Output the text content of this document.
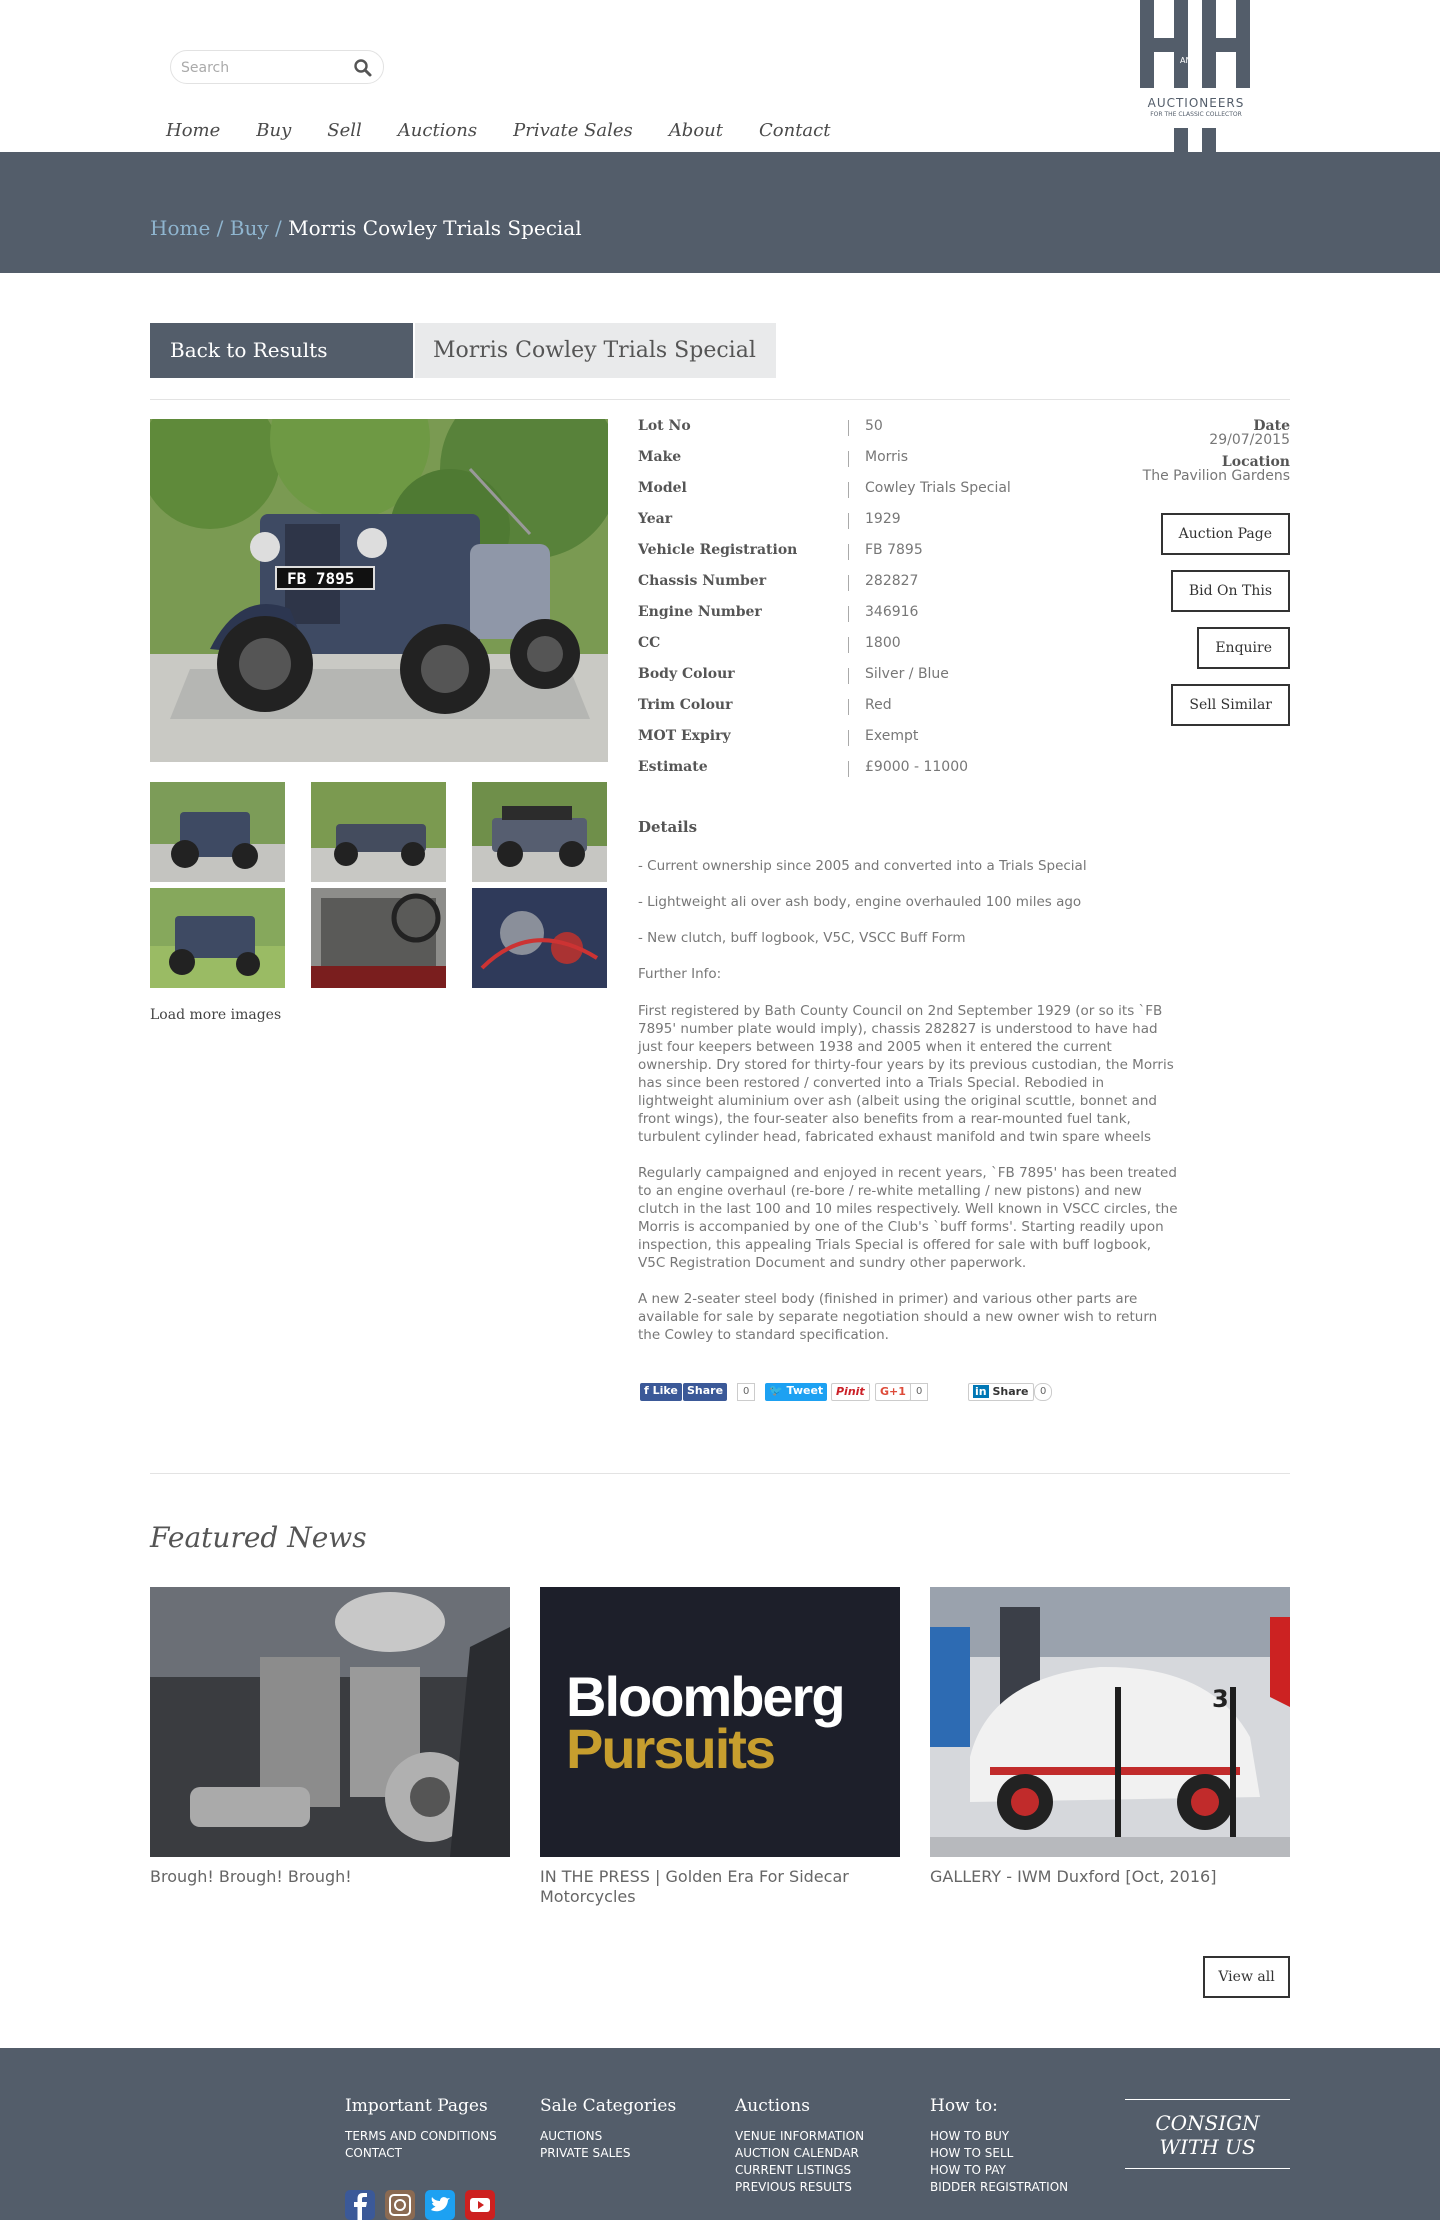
Search
Home	Buy	Sell	Auctions	Private Sales	About	Contact
AND
AUCTIONEERS
FOR THE CLASSIC COLLECTOR
Home / Buy / Morris Cowley Trials Special
Back to Results	Morris Cowley Trials Special
FB 7895
Load more images
Lot No	50
Make	Morris
Model	Cowley Trials Special
Year	1929
Vehicle Registration	FB 7895
Chassis Number	282827
Engine Number	346916
CC	1800
Body Colour	Silver / Blue
Trim Colour	Red
MOT Expiry	Exempt
Estimate	£9000 - 11000
Date
29/07/2015
Location
The Pavilion Gardens
Auction Page
Bid On This
Enquire
Sell Similar
Details
- Current ownership since 2005 and converted into a Trials Special
- Lightweight ali over ash body, engine overhauled 100 miles ago
- New clutch, buff logbook, V5C, VSCC Buff Form
Further Info:

First registered by Bath County Council on 2nd September 1929 (or so its `FB 7895' number plate would imply), chassis 282827 is understood to have had just four keepers between 1938 and 2005 when it entered the current ownership. Dry stored for thirty-four years by its previous custodian, the Morris has since been restored / converted into a Trials Special. Rebodied in lightweight aluminium over ash (albeit using the original scuttle, bonnet and front wings), the four-seater also benefits from a rear-mounted fuel tank, turbulent cylinder head, fabricated exhaust manifold and twin spare wheels

Regularly campaigned and enjoyed in recent years, `FB 7895' has been treated to an engine overhaul (re-bore / re-white metalling / new pistons) and new clutch in the last 100 and 10 miles respectively. Well known in VSCC circles, the Morris is accompanied by one of the Club's `buff forms'. Starting readily upon inspection, this appealing Trials Special is offered for sale with buff logbook, V5C Registration Document and sundry other paperwork.

A new 2-seater steel body (finished in primer) and various other parts are available for sale by separate negotiation should a new owner wish to return the Cowley to standard specification.

f Like Share	0	🐦 Tweet	Pinit	G+1	0	in Share	0
Featured News
Brough! Brough! Brough!
Bloomberg
Pursuits
IN THE PRESS | Golden Era For Sidecar Motorcycles
3
GALLERY - IWM Duxford [Oct, 2016]
View all
Important Pages
TERMS AND CONDITIONS
CONTACT
Sale Categories
AUCTIONS
PRIVATE SALES
Auctions
VENUE INFORMATION
AUCTION CALENDAR
CURRENT LISTINGS
PREVIOUS RESULTS
How to:
HOW TO BUY
HOW TO SELL
HOW TO PAY
BIDDER REGISTRATION
CONSIGN WITH US
